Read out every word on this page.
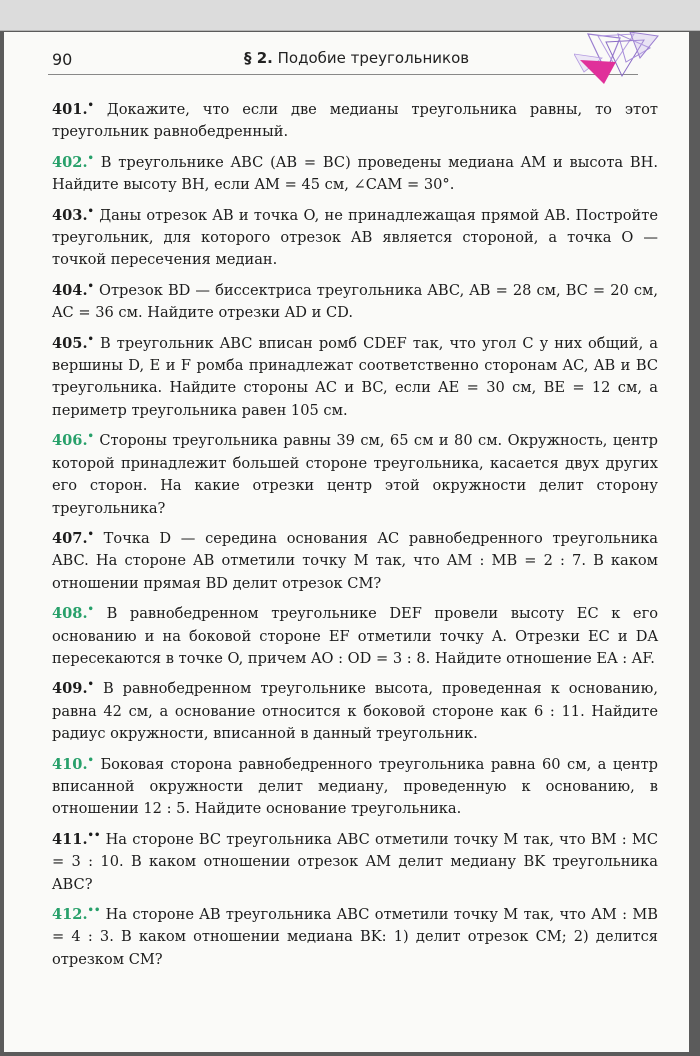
90	§ 2. Подобие треугольников
401.• Докажите, что если две медианы треугольника равны, то этот треугольник равнобедренный.
402.• В треугольнике ABC (AB = BC) проведены медиана AM и высота BH. Найдите высоту BH, если AM = 45 см, ∠CAM = 30°.
403.• Даны отрезок AB и точка O, не принадлежащая прямой AB. Постройте треугольник, для которого отрезок AB является стороной, а точка O — точкой пересечения медиан.
404.• Отрезок BD — биссектриса треугольника ABC, AB = 28 см, BC = 20 см, AC = 36 см. Найдите отрезки AD и CD.
405.• В треугольник ABC вписан ромб CDEF так, что угол C у них общий, а вершины D, E и F ромба принадлежат соответственно сторонам AC, AB и BC треугольника. Найдите стороны AC и BC, если AE = 30 см, BE = 12 см, а периметр треугольника равен 105 см.
406.• Стороны треугольника равны 39 см, 65 см и 80 см. Окружность, центр которой принадлежит большей стороне треугольника, касается двух других его сторон. На какие отрезки центр этой окружности делит сторону треугольника?
407.• Точка D — середина основания AC равнобедренного треугольника ABC. На стороне AB отметили точку M так, что AM : MB = 2 : 7. В каком отношении прямая BD делит отрезок CM?
408.• В равнобедренном треугольнике DEF провели высоту EC к его основанию и на боковой стороне EF отметили точку A. Отрезки EC и DA пересекаются в точке O, причем AO : OD = 3 : 8. Найдите отношение EA : AF.
409.• В равнобедренном треугольнике высота, проведенная к основанию, равна 42 см, а основание относится к боковой стороне как 6 : 11. Найдите радиус окружности, вписанной в данный треугольник.
410.• Боковая сторона равнобедренного треугольника равна 60 см, а центр вписанной окружности делит медиану, проведенную к основанию, в отношении 12 : 5. Найдите основание треугольника.
411.•• На стороне BC треугольника ABC отметили точку M так, что BM : MC = 3 : 10. В каком отношении отрезок AM делит медиану BK треугольника ABC?
412.•• На стороне AB треугольника ABC отметили точку M так, что AM : MB = 4 : 3. В каком отношении медиана BK: 1) делит отрезок CM; 2) делится отрезком CM?
